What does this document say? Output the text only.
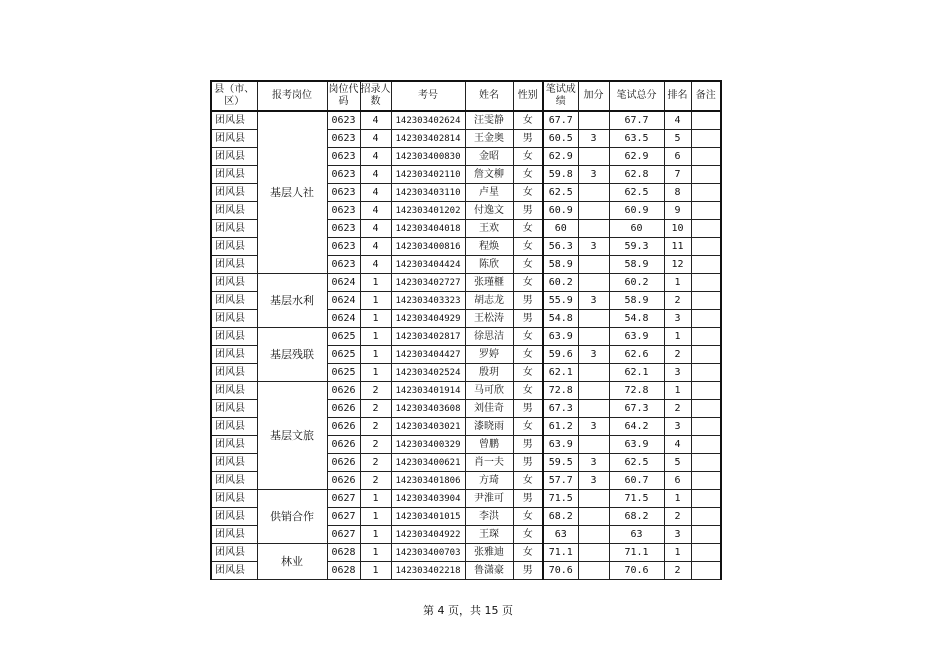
县（市、区）	报考岗位	岗位代码	招录人数	考号	姓名	性别	笔试成绩	加分	笔试总分	排名	备注
团风县	基层人社	0623	4	142303402624	汪雯静	女	67.7		67.7	4	
团风县		0623	4	142303402814	王金奥	男	60.5	3	63.5	5	
团风县		0623	4	142303400830	金昭	女	62.9		62.9	6	
团风县		0623	4	142303402110	詹文柳	女	59.8	3	62.8	7	
团风县		0623	4	142303403110	卢星	女	62.5		62.5	8	
团风县		0623	4	142303401202	付逸文	男	60.9		60.9	9	
团风县		0623	4	142303404018	王欢	女	60		60	10	
团风县		0623	4	142303400816	程焕	女	56.3	3	59.3	11	
团风县		0623	4	142303404424	陈欣	女	58.9		58.9	12	
团风县	基层水利	0624	1	142303402727	张瑾榧	女	60.2		60.2	1	
团风县		0624	1	142303403323	胡志龙	男	55.9	3	58.9	2	
团风县		0624	1	142303404929	王松涛	男	54.8		54.8	3	
团风县	基层残联	0625	1	142303402817	徐思洁	女	63.9		63.9	1	
团风县		0625	1	142303404427	罗婷	女	59.6	3	62.6	2	
团风县		0625	1	142303402524	殷玥	女	62.1		62.1	3	
团风县	基层文旅	0626	2	142303401914	马可欣	女	72.8		72.8	1	
团风县		0626	2	142303403608	刘佳奇	男	67.3		67.3	2	
团风县		0626	2	142303403021	漆晓雨	女	61.2	3	64.2	3	
团风县		0626	2	142303400329	曾鹏	男	63.9		63.9	4	
团风县		0626	2	142303400621	肖一夫	男	59.5	3	62.5	5	
团风县		0626	2	142303401806	方琦	女	57.7	3	60.7	6	
团风县	供销合作	0627	1	142303403904	尹淮可	男	71.5		71.5	1	
团风县		0627	1	142303401015	李洪	女	68.2		68.2	2	
团风县		0627	1	142303404922	王琛	女	63		63	3	
团风县	林业	0628	1	142303400703	张雅迪	女	71.1		71.1	1	
团风县		0628	1	142303402218	鲁潇豪	男	70.6		70.6	2	
第 4 页，共 15 页
